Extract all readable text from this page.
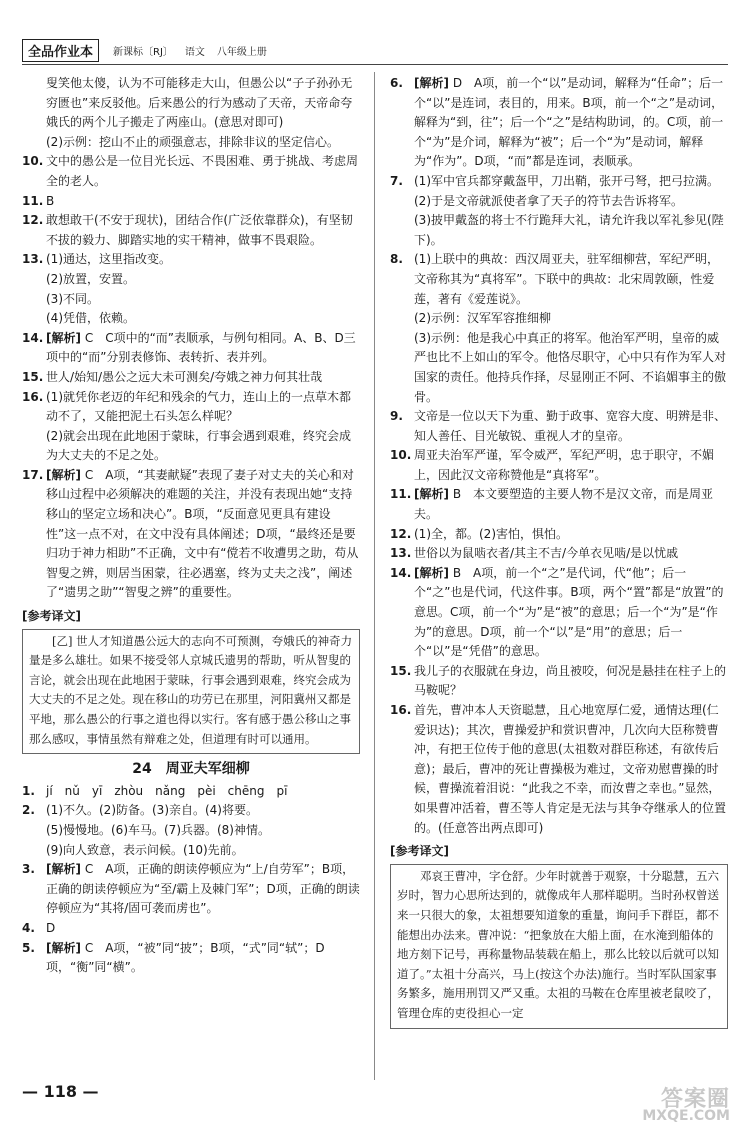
全品作业本	新课标〔RJ〕 语文 八年级上册

叟笑他太傻，认为不可能移走大山，但愚公以“子子孙孙无穷匮也”来反驳他。后来愚公的行为感动了天帝，天帝命夸娥氏的两个儿子搬走了两座山。(意思对即可)

(2)示例：挖山不止的顽强意志，排除非议的坚定信心。

10. 文中的愚公是一位目光长远、不畏困难、勇于挑战、考虑周全的老人。
11. B
12. 敢想敢干(不安于现状)，团结合作(广泛依靠群众)，有坚韧不拔的毅力、脚踏实地的实干精神，做事不畏艰险。
13. (1)通达，这里指改变。
(2)放置，安置。
(3)不同。
(4)凭借，依赖。
14. [解析] C　C项中的“而”表顺承，与例句相同。A、B、D三项中的“而”分别表修饰、表转折、表并列。
15. 世人/始知/愚公之远大未可测矣/夸娥之神力何其壮哉
16. (1)就凭你老迈的年纪和残余的气力，连山上的一点草木都动不了，又能把泥土石头怎么样呢？
(2)就会出现在此地困于蒙昧，行事会遇到艰难，终究会成为大丈夫的不足之处。
17. [解析] C　A项，“其妻献疑”表现了妻子对丈夫的关心和对移山过程中必须解决的难题的关注，并没有表现出她“支持移山的坚定立场和决心”。B项，“反面意见更具有建设性”这一点不对，在文中没有具体阐述；D项，“最终还是要归功于神力相助”不正确，文中有“傥若不收遭男之助，苟从智叟之辨，则居当困蒙，往必遇塞，终为丈夫之浅”，阐述了“遗男之助”“智叟之辨”的重要性。
[参考译文]

[乙] 世人才知道愚公远大的志向不可预测，夸娥氏的神奇力量是多么雄壮。如果不接受邻人京城氏遗男的帮助，听从智叟的言论，就会出现在此地困于蒙昧，行事会遇到艰难，终究会成为大丈夫的不足之处。现在移山的功劳已在那里，河阳冀州又都是平地，那么愚公的行事之道也得以实行。客有感于愚公移山之事那么感叹，事情虽然有辩难之处，但道理有时可以通用。

24　周亚夫军细柳
1. jí　nǔ　yī　zhòu　nǎng　pèi　chēng　pī
2. (1)不久。(2)防备。(3)亲自。(4)将要。
(5)慢慢地。(6)车马。(7)兵器。(8)神情。
(9)向人致意，表示问候。(10)先前。
3. [解析] C　A项，正确的朗读停顿应为“上/自劳军”；B项，正确的朗读停顿应为“至/霸上及棘门军”；D项，正确的朗读停顿应为“其将/固可袭而虏也”。
4. D
5. [解析] C　A项，“被”同“披”；B项，“式”同“轼”；D项，“衡”同“横”。
6. [解析] D　A项，前一个“以”是动词，解释为“任命”；后一个“以”是连词，表目的，用来。B项，前一个“之”是动词，解释为“到，往”；后一个“之”是结构助词，的。C项，前一个“为”是介词，解释为“被”；后一个“为”是动词，解释为“作为”。D项，“而”都是连词，表顺承。
7. (1)军中官兵都穿戴盔甲，刀出鞘，张开弓弩，把弓拉满。
(2)于是文帝就派使者拿了天子的符节去告诉将军。
(3)披甲戴盔的将士不行跪拜大礼，请允许我以军礼参见(陛下)。
8. (1)上联中的典故：西汉周亚夫，驻军细柳营，军纪严明，文帝称其为“真将军”。下联中的典故：北宋周敦颐，性爱莲，著有《爱莲说》。
(2)示例：汉军军容推细柳
(3)示例：他是我心中真正的将军。他治军严明，皇帝的威严也比不上如山的军令。他恪尽职守，心中只有作为军人对国家的责任。他持兵作择，尽显刚正不阿、不谄媚事主的傲骨。
9. 文帝是一位以天下为重、勤于政事、宽容大度、明辨是非、知人善任、目光敏锐、重视人才的皇帝。
10. 周亚夫治军严谨，军令威严，军纪严明，忠于职守，不媚上，因此汉文帝称赞他是“真将军”。
11. [解析] B　本文要塑造的主要人物不是汉文帝，而是周亚夫。
12. (1)全，都。(2)害怕，惧怕。
13. 世俗以为鼠啮衣者/其主不吉/今单衣见啮/是以忧戚
14. [解析] B　A项，前一个“之”是代词，代“他”；后一个“之”也是代词，代这件事。B项，两个“置”都是“放置”的意思。C项，前一个“为”是“被”的意思；后一个“为”是“作为”的意思。D项，前一个“以”是“用”的意思；后一个“以”是“凭借”的意思。
15. 我儿子的衣服就在身边，尚且被咬，何况是悬挂在柱子上的马鞍呢？
16. 首先，曹冲本人天资聪慧，且心地宽厚仁爱，通情达理(仁爱识达)；其次，曹操爱护和赏识曹冲，几次向大臣称赞曹冲，有把王位传于他的意思(太祖数对群臣称述，有欲传后意)；最后，曹冲的死让曹操极为难过，文帝劝慰曹操的时候，曹操流着泪说：“此我之不幸，而汝曹之幸也。”显然，如果曹冲活着，曹丕等人肯定是无法与其争夺继承人的位置的。(任意答出两点即可)
[参考译文]

邓哀王曹冲，字仓舒。少年时就善于观察，十分聪慧，五六岁时，智力心思所达到的，就像成年人那样聪明。当时孙权曾送来一只很大的象，太祖想要知道象的重量，询问手下群臣，都不能想出办法来。曹冲说：“把象放在大船上面，在水淹到船体的地方刻下记号，再称量物品装载在船上，那么比较以后就可以知道了。”太祖十分高兴，马上(按这个办法)施行。当时军队国家事务繁多，施用刑罚又严又重。太祖的马鞍在仓库里被老鼠咬了，管理仓库的吏役担心一定

— 118 —	答案圈
MXQE.COM
